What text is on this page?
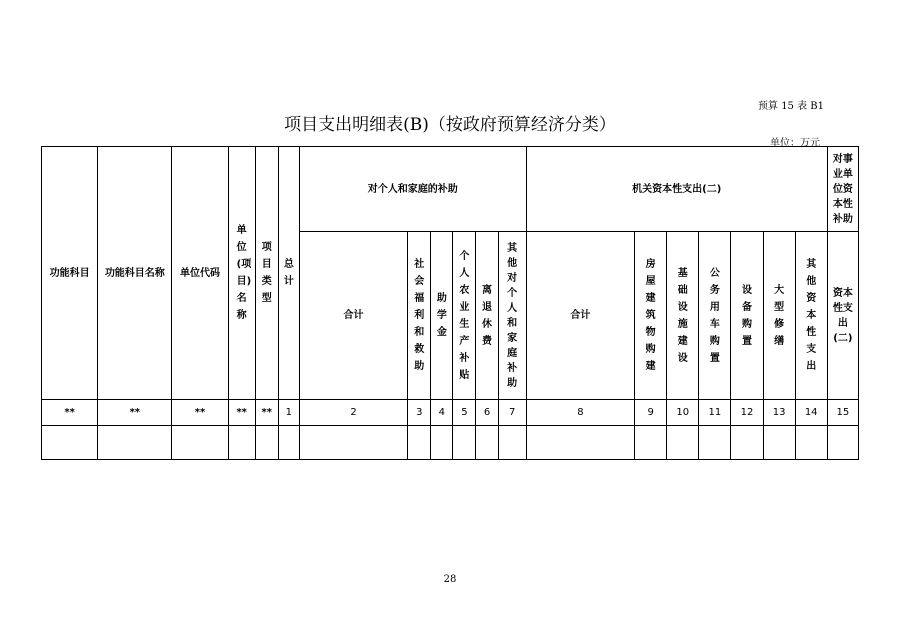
预算 15 表 B1
项目支出明细表(B)（按政府预算经济分类）
单位：万元
功能科目	功能科目名称	单位代码	单位(项目)名称	项目类型	总计	对个人和家庭的补助						机关资本性支出(二)							对事业单位资本性补助
						合计	社会福利和救助	助学金	个人农业生产补贴	离退休费	其他对个人和家庭补助	合计	房屋建筑物购建	基础设施建设	公务用车购置	设备购置	大型修缮	其他资本性支出	资本性支出(二)
**	**	**	**	**	1	2	3	4	5	6	7	8	9	10	11	12	13	14	15

28
